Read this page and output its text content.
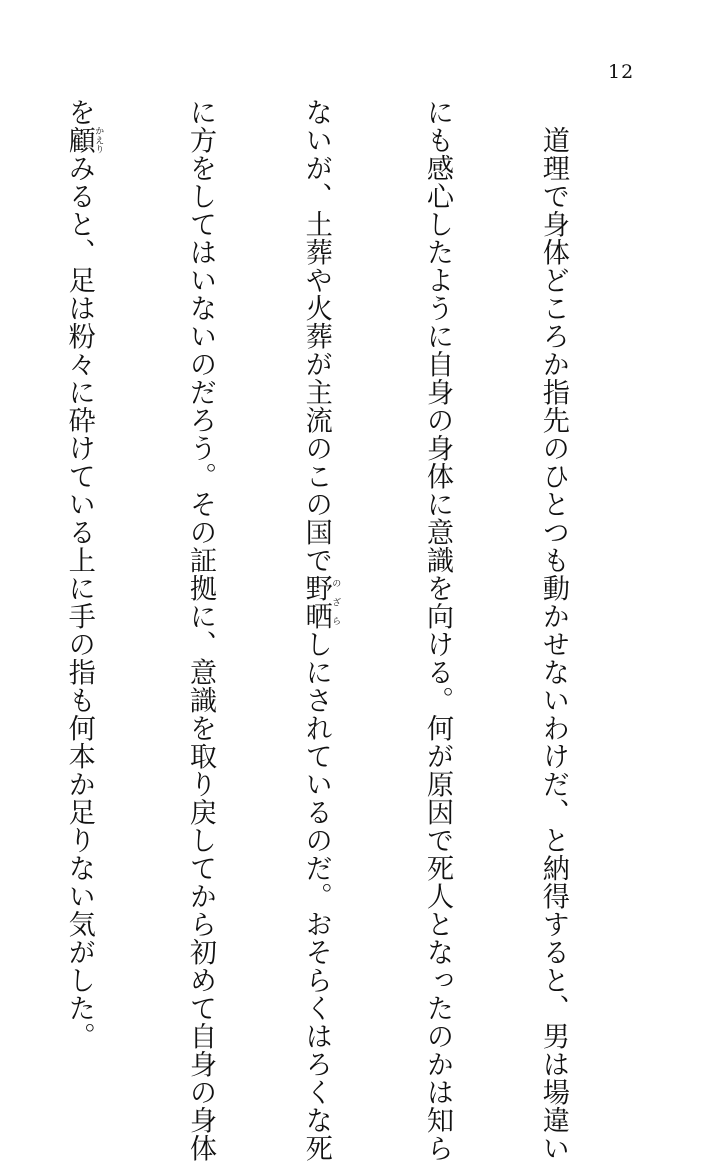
12

　道理で身体どころか指先のひとつも動かせないわけだ、と納得すると、男は場違い

にも感心したように自身の身体に意識を向ける。何が原因で死人となったのかは知ら

ないが、土葬や火葬が主流のこの国で野晒のざらしにされているのだ。おそらくはろくな死

に方をしてはいないのだろう。その証拠に、意識を取り戻してから初めて自身の身体

を顧かえりみると、足は粉々に砕けている上に手の指も何本か足りない気がした。
